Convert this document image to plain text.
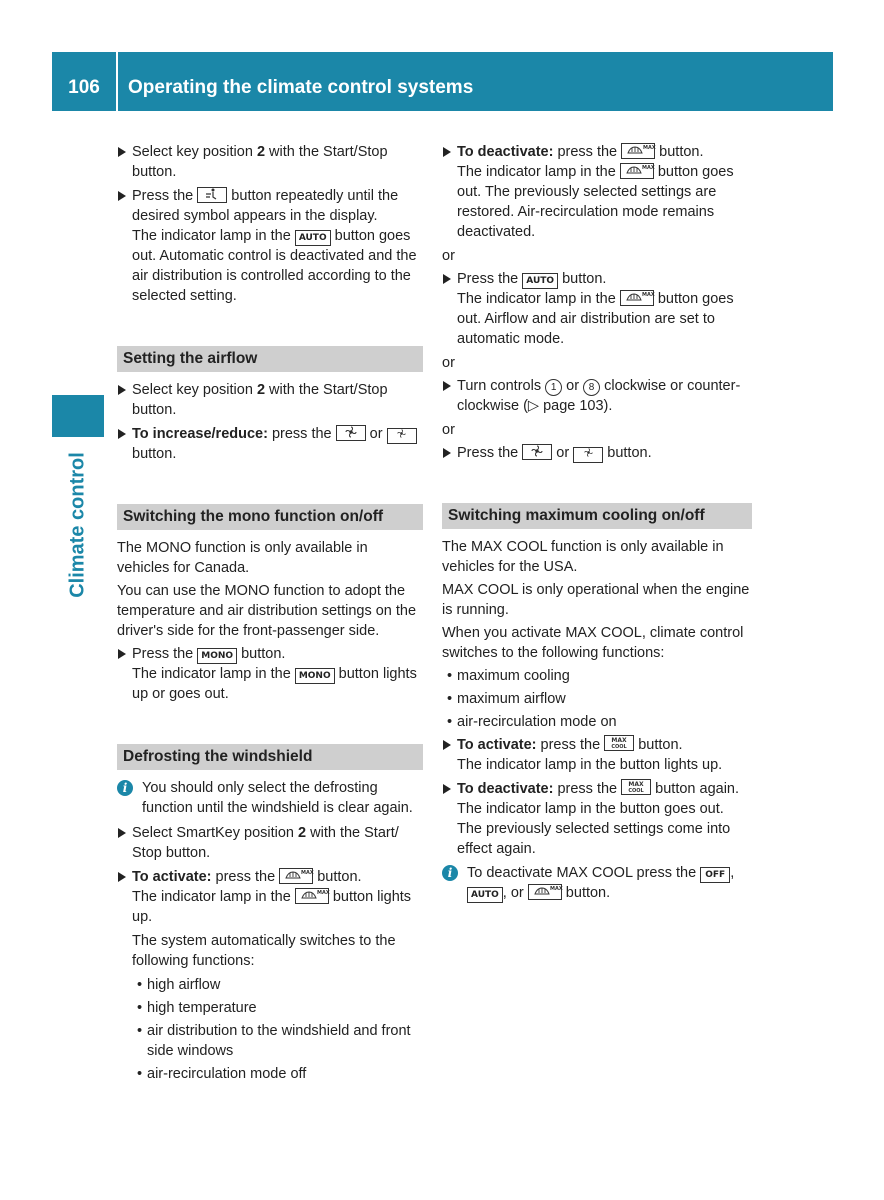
106	Operating the climate control systems
Climate control
Select key position 2 with the Start/Stop button.
Press the  button repeatedly until the desired symbol appears in the display.
The indicator lamp in the AUTO button goes out. Automatic control is deactivated and the air distribution is controlled according to the selected setting.
Setting the airflow
Select key position 2 with the Start/Stop button.
To increase/reduce: press the  or  button.
Switching the mono function on/off
The MONO function is only available in vehicles for Canada.
You can use the MONO function to adopt the temperature and air distribution settings on the driver's side for the front-passenger side.
Press the MONO button.
The indicator lamp in the MONO button lights up or goes out.
Defrosting the windshield
i	You should only select the defrosting function until the windshield is clear again.
Select SmartKey position 2 with the Start/ Stop button.
To activate: press the	MAX button.
The indicator lamp in the	MAX button lights up.
The system automatically switches to the following functions:
• high airflow
• high temperature
• air distribution to the windshield and front side windows
• air-recirculation mode off
To deactivate: press the	MAX button.
The indicator lamp in the	MAX button goes out. The previously selected settings are restored. Air-recirculation mode remains deactivated.
or
Press the AUTO button.
The indicator lamp in the	MAX button goes out. Airflow and air distribution are set to automatic mode.
or
Turn controls 1 or 8 clockwise or counter-clockwise (▷ page 103).
or
Press the  or  button.
Switching maximum cooling on/off
The MAX COOL function is only available in vehicles for the USA.
MAX COOL is only operational when the engine is running.
When you activate MAX COOL, climate control switches to the following functions:
• maximum cooling
• maximum airflow
• air-recirculation mode on
To activate: press the MAX
COOL button.
The indicator lamp in the button lights up.
To deactivate: press the MAX
COOL button again.
The indicator lamp in the button goes out. The previously selected settings come into effect again.
i	To deactivate MAX COOL press the OFF , AUTO , or	MAX button.
